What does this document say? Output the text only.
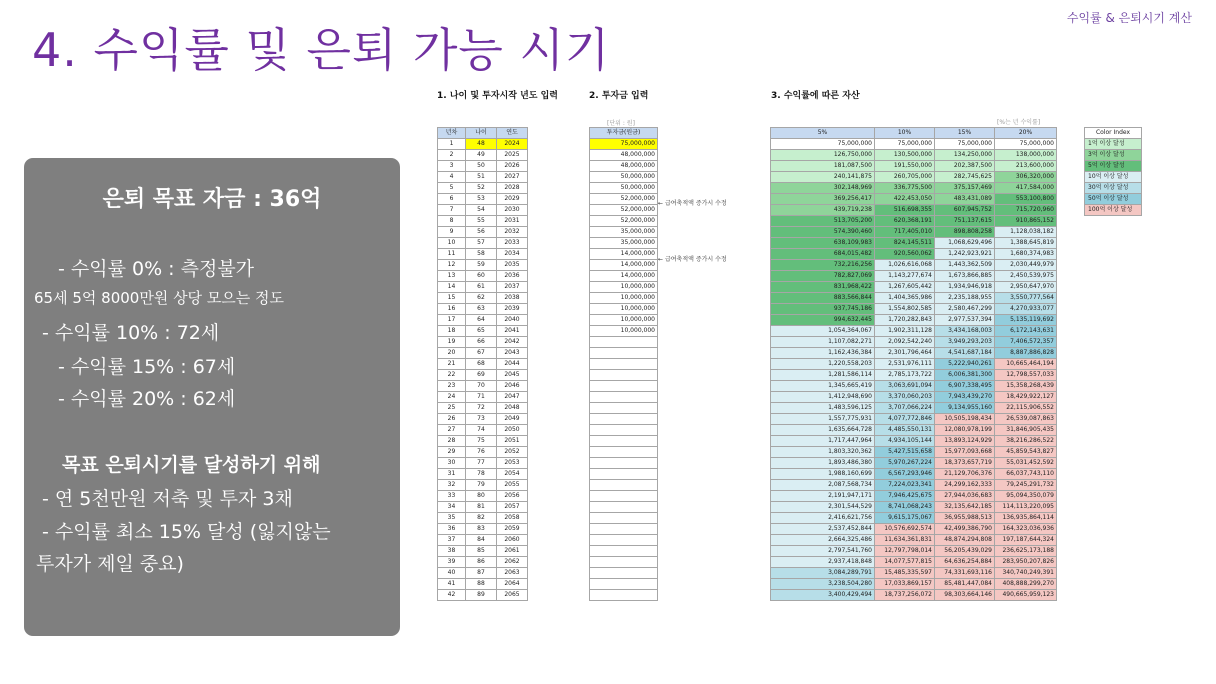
수익률 & 은퇴시기 계산
4. 수익률 및 은퇴 가능 시기
은퇴 목표 자금 : 36억
- 수익률 0% : 측정불가
65세 5억 8000만원 상당 모으는 정도
- 수익률 10% : 72세
- 수익률 15% : 67세
- 수익률 20% : 62세
목표 은퇴시기를 달성하기 위해
- 연 5천만원 저축 및 투자 3채
- 수익률 최소 15% 달성 (잃지않는
투자가 제일 중요)
1. 나이 및 투자시작 년도 입력	2. 투자금 입력	3. 수익률에 따른 자산
[단위 : 원]	[%는 년 수익률]
년차	나이	연도
1	48	2024
2	49	2025
3	50	2026
4	51	2027
5	52	2028
6	53	2029
7	54	2030
8	55	2031
9	56	2032
10	57	2033
11	58	2034
12	59	2035
13	60	2036
14	61	2037
15	62	2038
16	63	2039
17	64	2040
18	65	2041
19	66	2042
20	67	2043
21	68	2044
22	69	2045
23	70	2046
24	71	2047
25	72	2048
26	73	2049
27	74	2050
28	75	2051
29	76	2052
30	77	2053
31	78	2054
32	79	2055
33	80	2056
34	81	2057
35	82	2058
36	83	2059
37	84	2060
38	85	2061
39	86	2062
40	87	2063
41	88	2064
42	89	2065
투자금(원금)
75,000,000
48,000,000
48,000,000
50,000,000
50,000,000
52,000,000
52,000,000
52,000,000
35,000,000
35,000,000
14,000,000
14,000,000
14,000,000
10,000,000
10,000,000
10,000,000
10,000,000
10,000,000

← 급여축적액 증가시 수정
← 급여축적액 증가시 수정
5%	10%	15%	20%
75,000,000	75,000,000	75,000,000	75,000,000
126,750,000	130,500,000	134,250,000	138,000,000
181,087,500	191,550,000	202,387,500	213,600,000
240,141,875	260,705,000	282,745,625	306,320,000
302,148,969	336,775,500	375,157,469	417,584,000
369,256,417	422,453,050	483,431,089	553,100,800
439,719,238	516,698,355	607,945,752	715,720,960
513,705,200	620,368,191	751,137,615	910,865,152
574,390,460	717,405,010	898,808,258	1,128,038,182
638,109,983	824,145,511	1,068,629,496	1,388,645,819
684,015,482	920,560,062	1,242,923,921	1,680,374,983
732,216,256	1,026,616,068	1,443,362,509	2,030,449,979
782,827,069	1,143,277,674	1,673,866,885	2,450,539,975
831,968,422	1,267,605,442	1,934,946,918	2,950,647,970
883,566,844	1,404,365,986	2,235,188,955	3,550,777,564
937,745,186	1,554,802,585	2,580,467,299	4,270,933,077
994,632,445	1,720,282,843	2,977,537,394	5,135,119,692
1,054,364,067	1,902,311,128	3,434,168,003	6,172,143,631
1,107,082,271	2,092,542,240	3,949,293,203	7,406,572,357
1,162,436,384	2,301,796,464	4,541,687,184	8,887,886,828
1,220,558,203	2,531,976,111	5,222,940,261	10,665,464,194
1,281,586,114	2,785,173,722	6,006,381,300	12,798,557,033
1,345,665,419	3,063,691,094	6,907,338,495	15,358,268,439
1,412,948,690	3,370,060,203	7,943,439,270	18,429,922,127
1,483,596,125	3,707,066,224	9,134,955,160	22,115,906,552
1,557,775,931	4,077,772,846	10,505,198,434	26,539,087,863
1,635,664,728	4,485,550,131	12,080,978,199	31,846,905,435
1,717,447,964	4,934,105,144	13,893,124,929	38,216,286,522
1,803,320,362	5,427,515,658	15,977,093,668	45,859,543,827
1,893,486,380	5,970,267,224	18,373,657,719	55,031,452,592
1,988,160,699	6,567,293,946	21,129,706,376	66,037,743,110
2,087,568,734	7,224,023,341	24,299,162,333	79,245,291,732
2,191,947,171	7,946,425,675	27,944,036,683	95,094,350,079
2,301,544,529	8,741,068,243	32,135,642,185	114,113,220,095
2,416,621,756	9,615,175,067	36,955,988,513	136,935,864,114
2,537,452,844	10,576,692,574	42,499,386,790	164,323,036,936
2,664,325,486	11,634,361,831	48,874,294,808	197,187,644,324
2,797,541,760	12,797,798,014	56,205,439,029	236,625,173,188
2,937,418,848	14,077,577,815	64,636,254,884	283,950,207,826
3,084,289,791	15,485,335,597	74,331,693,116	340,740,249,391
3,238,504,280	17,033,869,157	85,481,447,084	408,888,299,270
3,400,429,494	18,737,256,072	98,303,664,146	490,665,959,123
Color Index
1억 이상 달성
3억 이상 달성
5억 이상 달성
10억 이상 달성
30억 이상 달성
50억 이상 달성
100억 이상 달성
